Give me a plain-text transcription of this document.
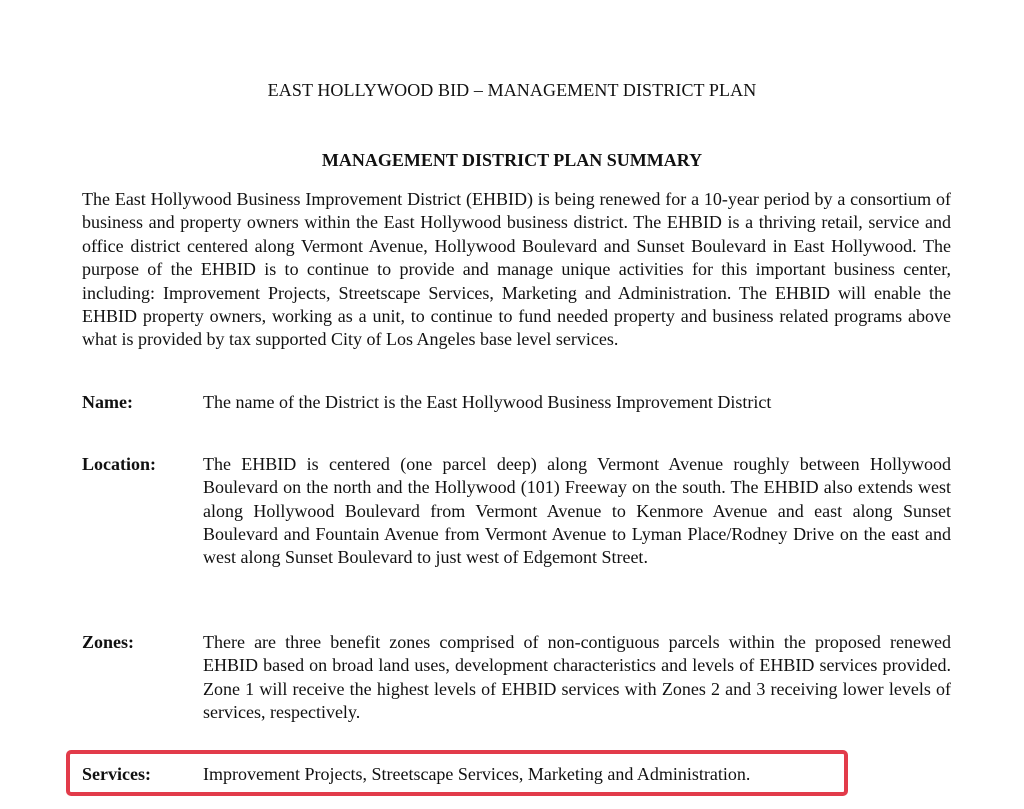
EAST HOLLYWOOD BID – MANAGEMENT DISTRICT PLAN
MANAGEMENT DISTRICT PLAN SUMMARY

The East Hollywood Business Improvement District (EHBID) is being renewed for a 10-year period by a consortium of business and property owners within the East Hollywood business district. The EHBID is a thriving retail, service and office district centered along Vermont Avenue, Hollywood Boulevard and Sunset Boulevard in East Hollywood. The purpose of the EHBID is to continue to provide and manage unique activities for this important business center, including: Improvement Projects, Streetscape Services, Marketing and Administration. The EHBID will enable the EHBID property owners, working as a unit, to continue to fund needed property and business related programs above what is provided by tax supported City of Los Angeles base level services.

Name:	The name of the District is the East Hollywood Business Improvement District

Location:	The EHBID is centered (one parcel deep) along Vermont Avenue roughly between Hollywood Boulevard on the north and the Hollywood (101) Freeway on the south. The EHBID also extends west along Hollywood Boulevard from Vermont Avenue to Kenmore Avenue and east along Sunset Boulevard and Fountain Avenue from Vermont Avenue to Lyman Place/Rodney Drive on the east and west along Sunset Boulevard to just west of Edgemont Street.

Zones:	There are three benefit zones comprised of non-contiguous parcels within the proposed renewed EHBID based on broad land uses, development characteristics and levels of EHBID services provided. Zone 1 will receive the highest levels of EHBID services with Zones 2 and 3 receiving lower levels of services, respectively.

Services:	Improvement Projects, Streetscape Services, Marketing and Administration.
